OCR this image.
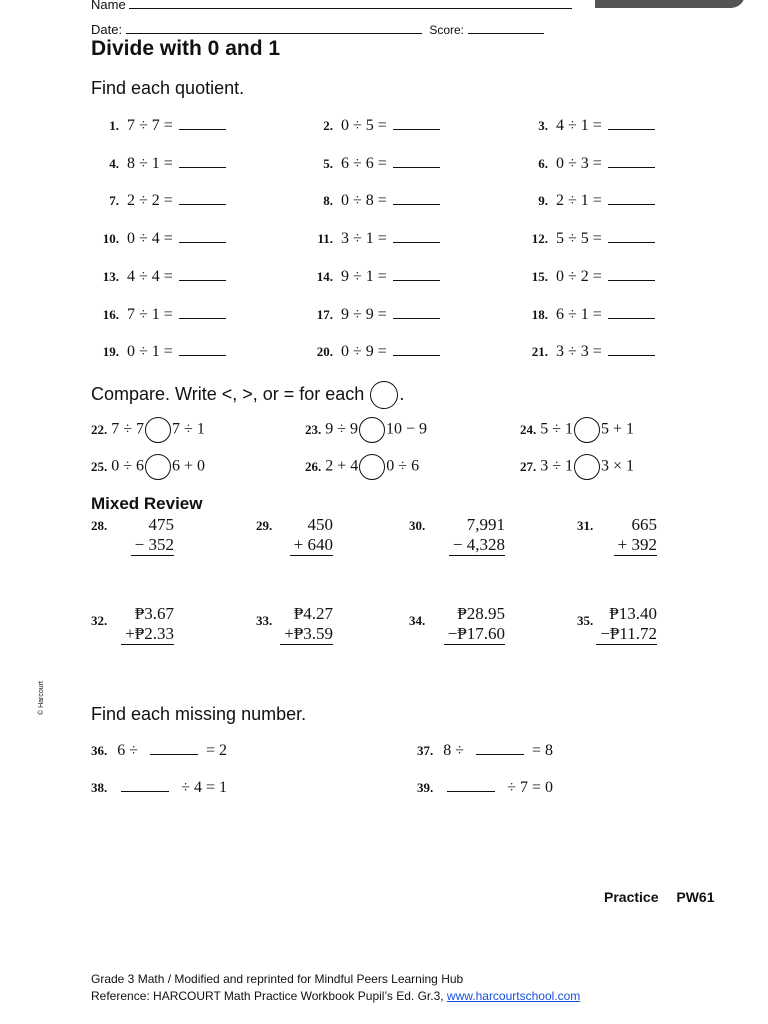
Name
Date:	Score:
Divide with 0 and 1
Find each quotient.
1. 7 ÷ 7 =	2. 0 ÷ 5 =	3. 4 ÷ 1 =
4. 8 ÷ 1 =	5. 6 ÷ 6 =	6. 0 ÷ 3 =
7. 2 ÷ 2 =	8. 0 ÷ 8 =	9. 2 ÷ 1 =
10. 0 ÷ 4 =	11. 3 ÷ 1 =	12. 5 ÷ 5 =
13. 4 ÷ 4 =	14. 9 ÷ 1 =	15. 0 ÷ 2 =
16. 7 ÷ 1 =	17. 9 ÷ 9 =	18. 6 ÷ 1 =
19. 0 ÷ 1 =	20. 0 ÷ 9 =	21. 3 ÷ 3 =
Compare. Write <, >, or = for each .
22. 7 ÷ 7 7 ÷ 1	23. 9 ÷ 9 10 − 9	24. 5 ÷ 1 5 + 1
25. 0 ÷ 6 6 + 0	26. 2 + 4 0 ÷ 6	27. 3 ÷ 1 3 × 1
Mixed Review
28.	475
− 352
29.	450
+ 640
30.	7,991
− 4,328
31.	665
+ 392
32.	₱3.67
+₱2.33
33.	₱4.27
+₱3.59
34.	₱28.95
−₱17.60
35. ₱13.40
−₱11.72
© Harcourt	Find each missing number.
36. 6 ÷	= 2	37. 8 ÷	= 8
38.	÷ 4 = 1	39.	÷ 7 = 0
Practice PW61
Grade 3 Math / Modified and reprinted for Mindful Peers Learning Hub
Reference: HARCOURT Math Practice Workbook Pupil’s Ed. Gr.3, www.harcourtschool.com
